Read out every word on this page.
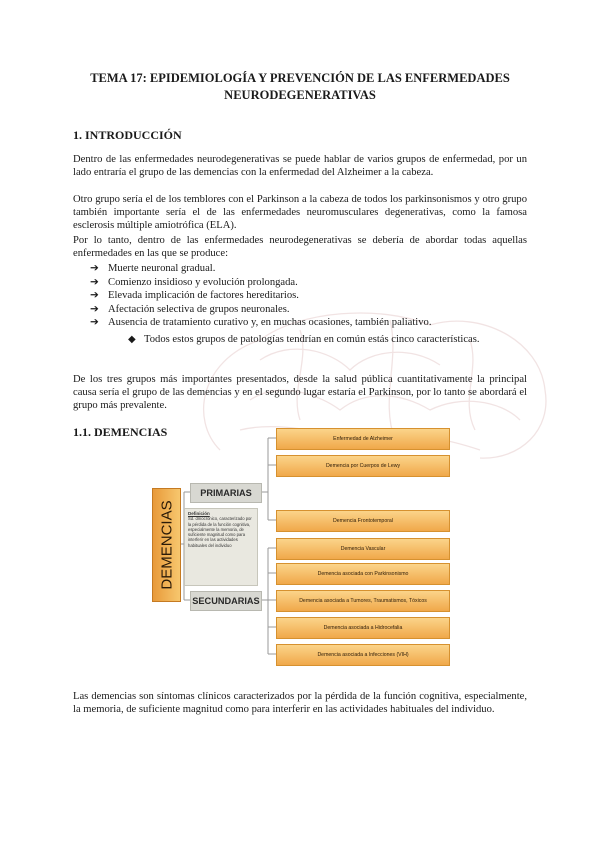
TEMA 17: EPIDEMIOLOGÍA Y PREVENCIÓN DE LAS ENFERMEDADES NEURODEGENERATIVAS
1. INTRODUCCIÓN

Dentro de las enfermedades neurodegenerativas se puede hablar de varios grupos de enfermedad, por un lado entraría el grupo de las demencias con la enfermedad del Alzheimer a la cabeza.

Otro grupo sería el de los temblores con el Parkinson a la cabeza de todos los parkinsonismos y otro grupo también importante sería el de las enfermedades neuromusculares degenerativas, como la famosa esclerosis múltiple amiotrófica (ELA).

Por lo tanto, dentro de las enfermedades neurodegenerativas se debería de abordar todas aquellas enfermedades en las que se produce:

➔ Muerte neuronal gradual.
➔ Comienzo insidioso y evolución prolongada.
➔ Elevada implicación de factores hereditarios.
➔ Afectación selectiva de grupos neuronales.
➔ Ausencia de tratamiento curativo y, en muchas ocasiones, también paliativo.
◆ Todos estos grupos de patologías tendrían en común estás cinco características.

De los tres grupos más importantes presentados, desde la salud pública cuantitativamente la principal causa sería el grupo de las demencias y en el segundo lugar estaría el Parkinson, por lo tanto se abordará el grupo más prevalente.

1.1. DEMENCIAS
DEMENCIAS
PRIMARIAS
SECUNDARIAS
Definición
Sd. dmocrónico, caracterizado por la pérdida de la función cognitiva, especialmente la memoria, de suficiente magnitud como para interferir en las actividades habituales del individuo
Enfermedad de Alzheimer
Demencia por Cuerpos de Lewy
Demencia Frontotemporal
Demencia Vascular
Demencia asociada con Parkinsonismo
Demencia asociada a Tumores, Traumatismos, Tóxicos
Demencia asociada a Hidrocefalia
Demencia asociada a Infecciones (VIH)

Las demencias son síntomas clínicos caracterizados por la pérdida de la función cognitiva, especialmente, la memoria, de suficiente magnitud como para interferir en las actividades habituales del individuo.
